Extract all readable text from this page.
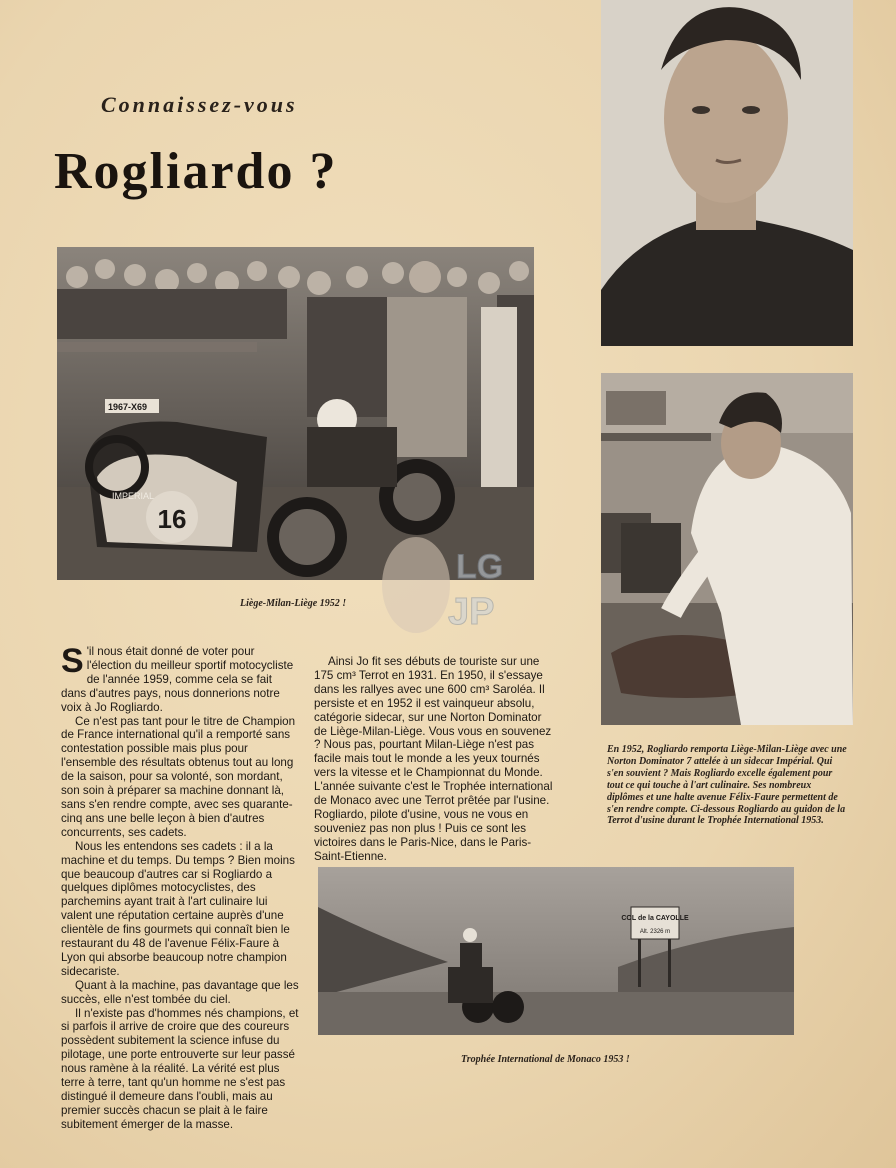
Connaissez-vous
Rogliardo ?
16
IMPERIAL
1967-X69
Liège-Milan-Liège 1952 !
En 1952, Rogliardo remporta Liège-Milan-Liège avec une Norton Dominator 7 attelée à un sidecar Impérial. Qui s'en souvient ? Mais Rogliardo excelle également pour tout ce qui touche à l'art culinaire. Ses nombreux diplômes et une halte avenue Félix-Faure permettent de s'en rendre compte. Ci-dessous Rogliardo au guidon de la Terrot d'usine durant le Trophée International 1953.
COL de la CAYOLLE
Alt. 2326 m
Trophée International de Monaco 1953 !
LG
JP

S 'il nous était donné de voter pour l'élection du meilleur sportif motocycliste de l'année 1959, comme cela se fait dans d'autres pays, nous donnerions notre voix à Jo Rogliardo.

Ce n'est pas tant pour le titre de Champion de France international qu'il a remporté sans contestation possible mais plus pour l'ensemble des résultats obtenus tout au long de la saison, pour sa volonté, son mordant, son soin à préparer sa machine donnant là, sans s'en rendre compte, avec ses quarante-cinq ans une belle leçon à bien d'autres concurrents, ses cadets.

Nous les entendons ses cadets : il a la machine et du temps. Du temps ? Bien moins que beaucoup d'autres car si Rogliardo a quelques diplômes motocyclistes, des parchemins ayant trait à l'art culinaire lui valent une réputation certaine auprès d'une clientèle de fins gourmets qui connaît bien le restaurant du 48 de l'avenue Félix-Faure à Lyon qui absorbe beaucoup notre champion sidecariste.

Quant à la machine, pas davantage que les succès, elle n'est tombée du ciel.

Il n'existe pas d'hommes nés champions, et si parfois il arrive de croire que des coureurs possèdent subitement la science infuse du pilotage, une porte entrouverte sur leur passé nous ramène à la réalité. La vérité est plus terre à terre, tant qu'un homme ne s'est pas distingué il demeure dans l'oubli, mais au premier succès chacun se plait à le faire subitement émerger de la masse.

Ainsi Jo fit ses débuts de touriste sur une 175 cm³ Terrot en 1931. En 1950, il s'essaye dans les rallyes avec une 600 cm³ Saroléa. Il persiste et en 1952 il est vainqueur absolu, catégorie sidecar, sur une Norton Dominator de Liège-Milan-Liège. Vous vous en souvenez ? Nous pas, pourtant Milan-Liège n'est pas facile mais tout le monde a les yeux tournés vers la vitesse et le Championnat du Monde. L'année suivante c'est le Trophée international de Monaco avec une Terrot prêtée par l'usine. Rogliardo, pilote d'usine, vous ne vous en souveniez pas non plus ! Puis ce sont les victoires dans le Paris-Nice, dans le Paris-Saint-Etienne.
